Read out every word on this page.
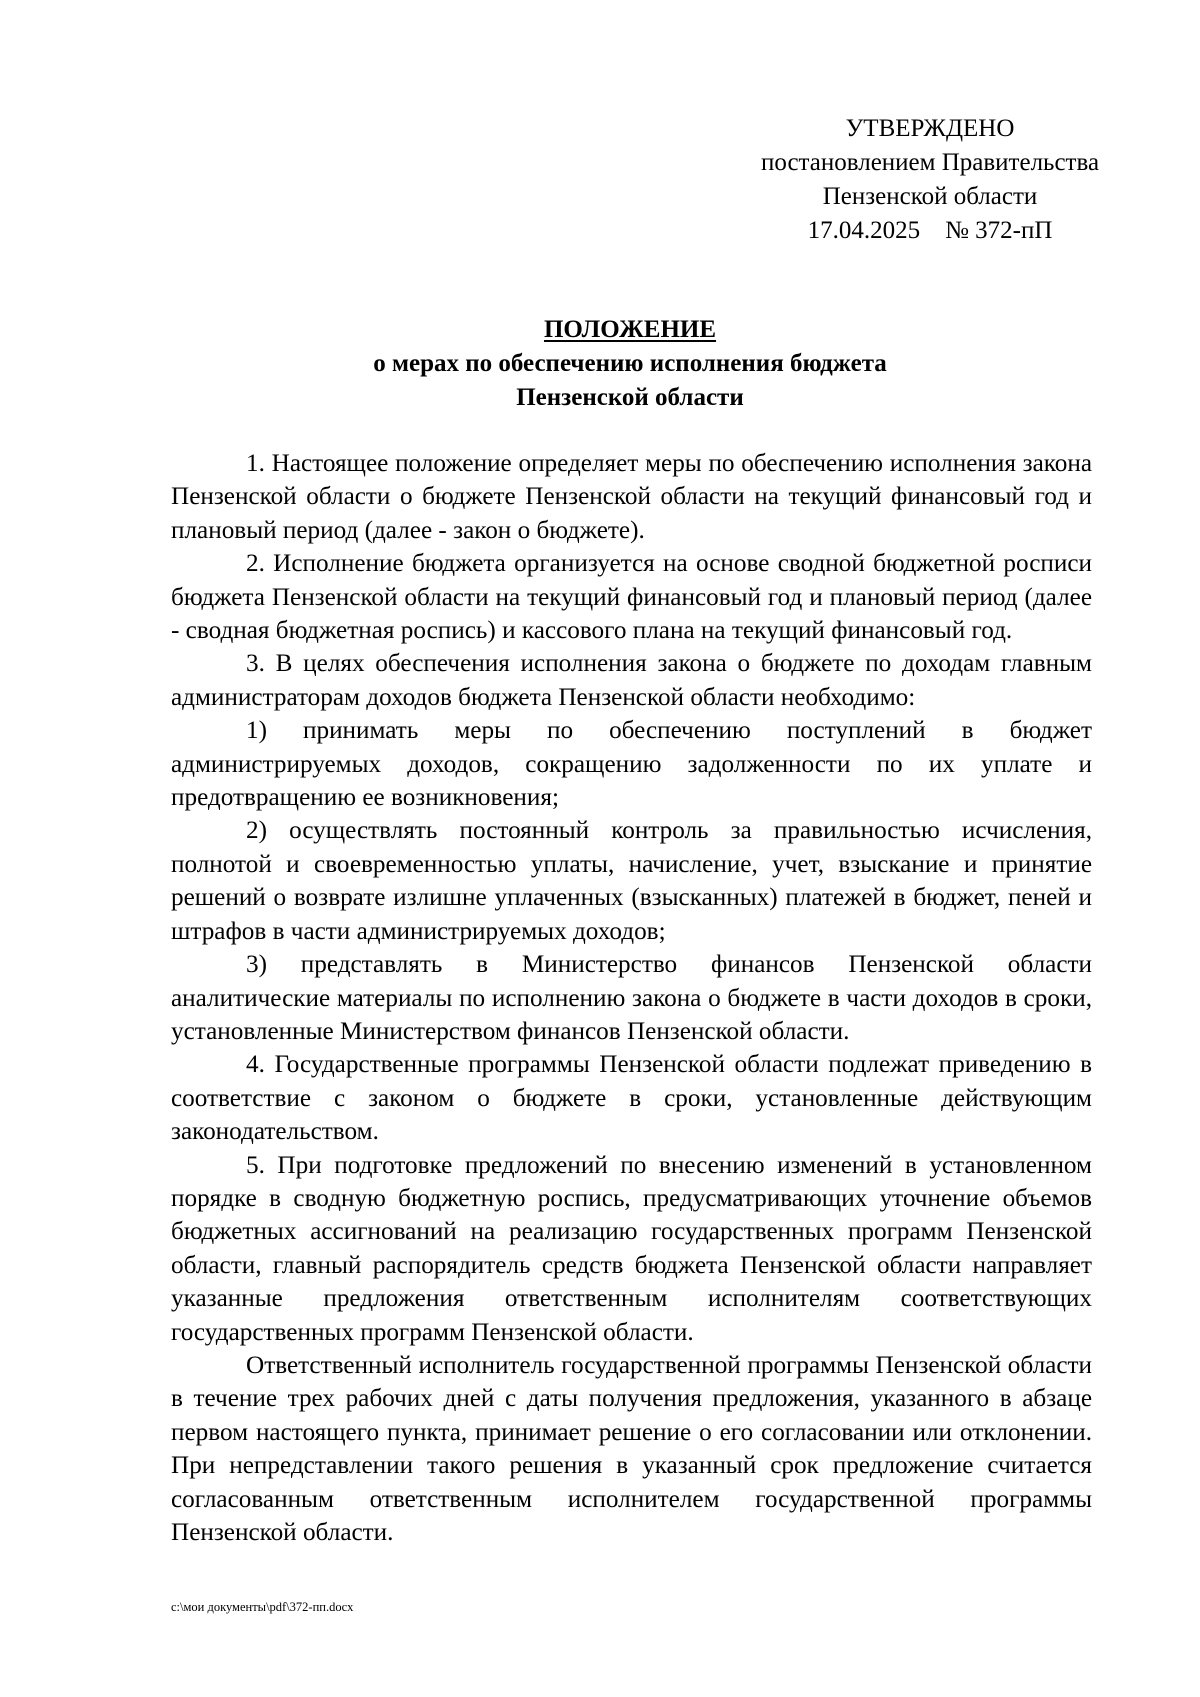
УТВЕРЖДЕНО
постановлением Правительства
Пензенской области
17.04.2025    № 372-пП
ПОЛОЖЕНИЕ
о мерах по обеспечению исполнения бюджета
Пензенской области

1. Настоящее положение определяет меры по обеспечению исполнения закона Пензенской области о бюджете Пензенской области на текущий финансовый год и плановый период (далее - закон о бюджете).

2. Исполнение бюджета организуется на основе сводной бюджетной росписи бюджета Пензенской области на текущий финансовый год и плановый период (далее - сводная бюджетная роспись) и кассового плана на текущий финансовый год.

3. В целях обеспечения исполнения закона о бюджете по доходам главным администраторам доходов бюджета Пензенской области необходимо:

1) принимать меры по обеспечению поступлений в бюджет администрируемых доходов, сокращению задолженности по их уплате и предотвращению ее возникновения;

2) осуществлять постоянный контроль за правильностью исчисления, полнотой и своевременностью уплаты, начисление, учет, взыскание и принятие решений о возврате излишне уплаченных (взысканных) платежей в бюджет, пеней и штрафов в части администрируемых доходов;

3) представлять в Министерство финансов Пензенской области аналитические материалы по исполнению закона о бюджете в части доходов в сроки, установленные Министерством финансов Пензенской области.

4. Государственные программы Пензенской области подлежат приведению в соответствие с законом о бюджете в сроки, установленные действующим законодательством.

5. При подготовке предложений по внесению изменений в установленном порядке в сводную бюджетную роспись, предусматривающих уточнение объемов бюджетных ассигнований на реализацию государственных программ Пензенской области, главный распорядитель средств бюджета Пензенской области направляет указанные предложения ответственным исполнителям соответствующих государственных программ Пензенской области.

Ответственный исполнитель государственной программы Пензенской области в течение трех рабочих дней с даты получения предложения, указанного в абзаце первом настоящего пункта, принимает решение о его согласовании или отклонении. При непредставлении такого решения в указанный срок предложение считается согласованным ответственным исполнителем государственной программы Пензенской области.

c:\мои документы\pdf\372-пп.docx
